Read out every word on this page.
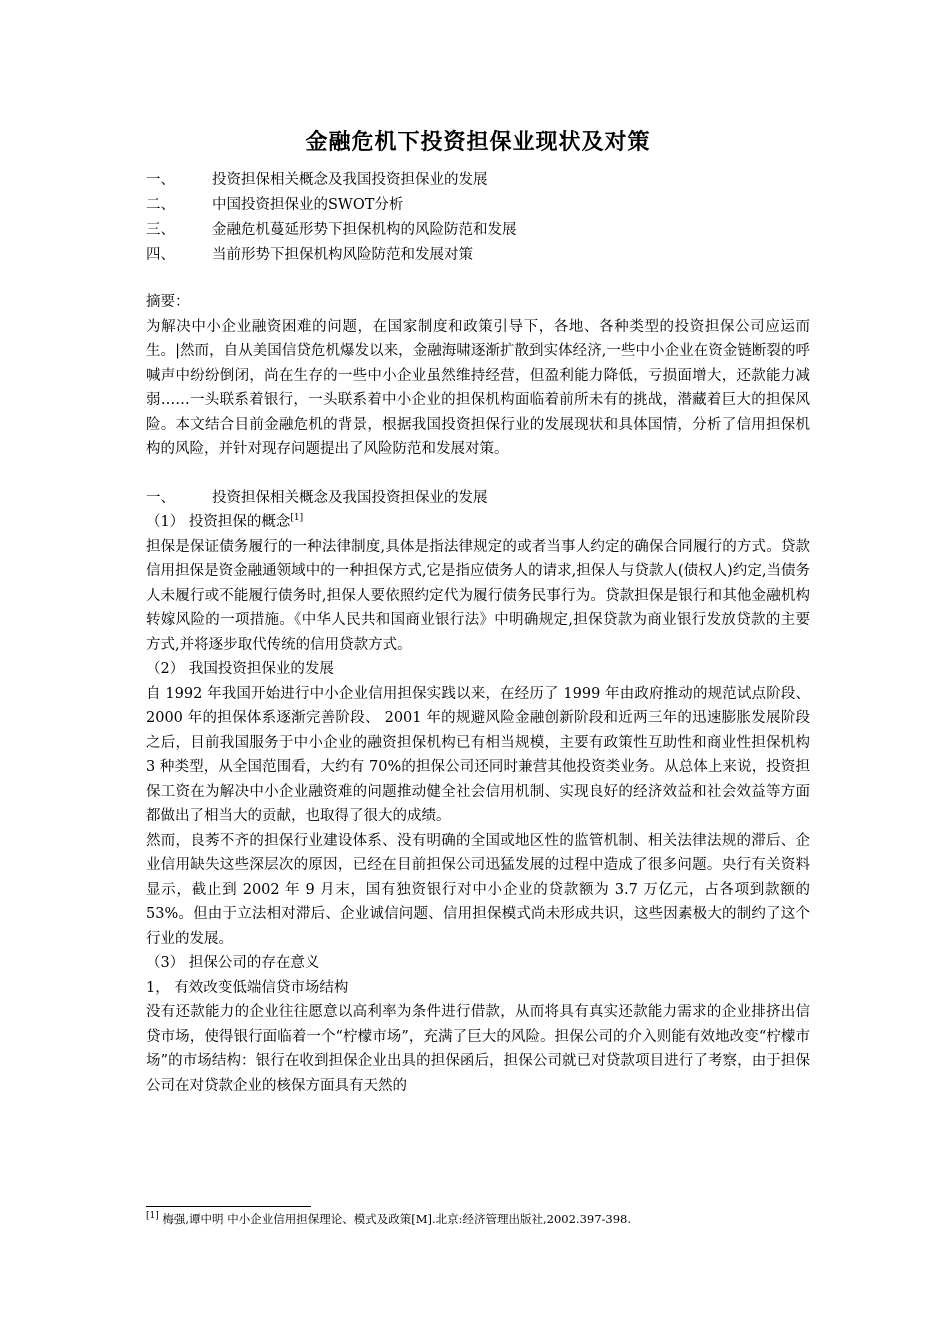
金融危机下投资担保业现状及对策
一、	投资担保相关概念及我国投资担保业的发展
二、	中国投资担保业的SWOT分析
三、	金融危机蔓延形势下担保机构的风险防范和发展
四、	当前形势下担保机构风险防范和发展对策
摘要：
为解决中小企业融资困难的问题，在国家制度和政策引导下，各地、各种类型的投资担保公司应运而生。|然而，自从美国信贷危机爆发以来，金融海啸逐渐扩散到实体经济,一些中小企业在资金链断裂的呼喊声中纷纷倒闭，尚在生存的一些中小企业虽然维持经营，但盈利能力降低，亏损面增大，还款能力减弱……一头联系着银行，一头联系着中小企业的担保机构面临着前所未有的挑战，潜藏着巨大的担保风险。本文结合目前金融危机的背景，根据我国投资担保行业的发展现状和具体国情，分析了信用担保机构的风险，并针对现存问题提出了风险防范和发展对策。
一、	投资担保相关概念及我国投资担保业的发展
（1） 投资担保的概念[1]
担保是保证债务履行的一种法律制度,具体是指法律规定的或者当事人约定的确保合同履行的方式。贷款信用担保是资金融通领域中的一种担保方式,它是指应债务人的请求,担保人与贷款人(债权人)约定,当债务人未履行或不能履行债务时,担保人要依照约定代为履行债务民事行为。贷款担保是银行和其他金融机构转嫁风险的一项措施。《中华人民共和国商业银行法》中明确规定,担保贷款为商业银行发放贷款的主要方式,并将逐步取代传统的信用贷款方式。
（2） 我国投资担保业的发展
自 1992 年我国开始进行中小企业信用担保实践以来，在经历了 1999 年由政府推动的规范试点阶段、 2000 年的担保体系逐渐完善阶段、 2001 年的规避风险金融创新阶段和近两三年的迅速膨胀发展阶段之后，目前我国服务于中小企业的融资担保机构已有相当规模，主要有政策性互助性和商业性担保机构 3 种类型，从全国范围看，大约有 70%的担保公司还同时兼营其他投资类业务。从总体上来说，投资担保工资在为解决中小企业融资难的问题推动健全社会信用机制、实现良好的经济效益和社会效益等方面都做出了相当大的贡献，也取得了很大的成绩。
然而，良莠不齐的担保行业建设体系、没有明确的全国或地区性的监管机制、相关法律法规的滞后、企业信用缺失这些深层次的原因，已经在目前担保公司迅猛发展的过程中造成了很多问题。央行有关资料显示，截止到 2002 年 9 月末，国有独资银行对中小企业的贷款额为 3.7 万亿元，占各项到款额的 53%。但由于立法相对滞后、企业诚信问题、信用担保模式尚未形成共识，这些因素极大的制约了这个行业的发展。
（3） 担保公司的存在意义
1， 有效改变低端信贷市场结构
没有还款能力的企业往往愿意以高利率为条件进行借款，从而将具有真实还款能力需求的企业排挤出信贷市场，使得银行面临着一个“柠檬市场”，充满了巨大的风险。担保公司的介入则能有效地改变“柠檬市场”的市场结构：银行在收到担保企业出具的担保函后，担保公司就已对贷款项目进行了考察，由于担保公司在对贷款企业的核保方面具有天然的
[1] 梅强,谭中明 中小企业信用担保理论、模式及政策[M].北京:经济管理出版社,2002.397-398.
